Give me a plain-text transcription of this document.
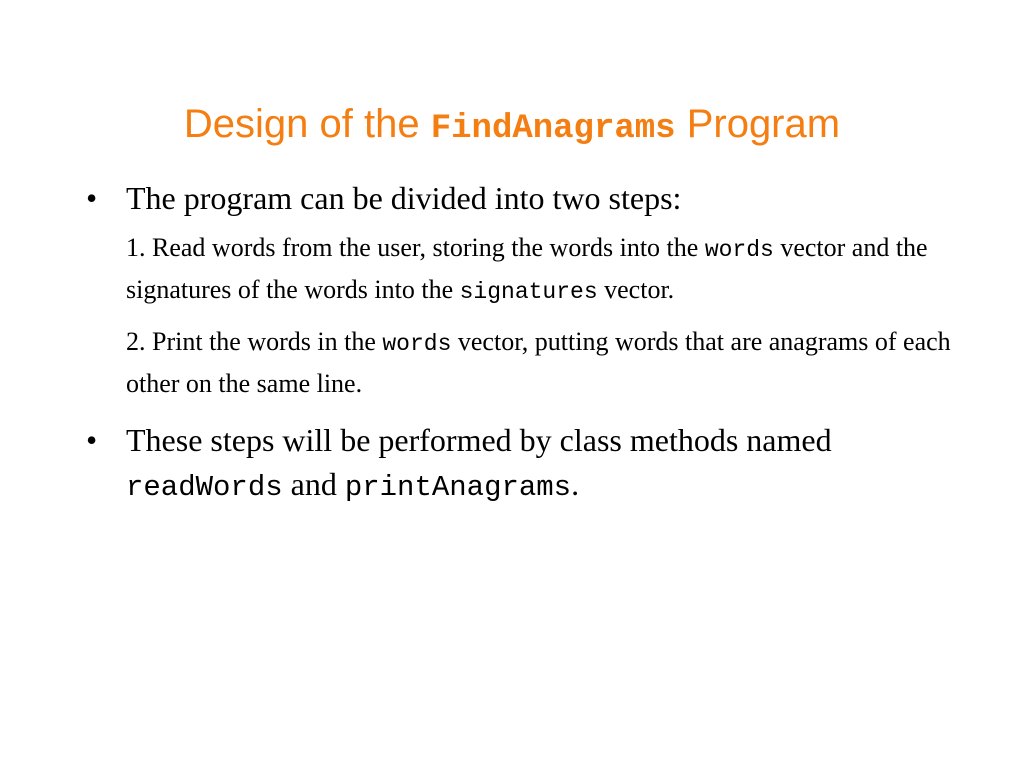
Design of the FindAnagrams Program
• The program can be divided into two steps:
1. Read words from the user, storing the words into the words vector and the signatures of the words into the signatures vector.
2. Print the words in the words vector, putting words that are anagrams of each other on the same line.
• These steps will be performed by class methods named readWords and printAnagrams.
